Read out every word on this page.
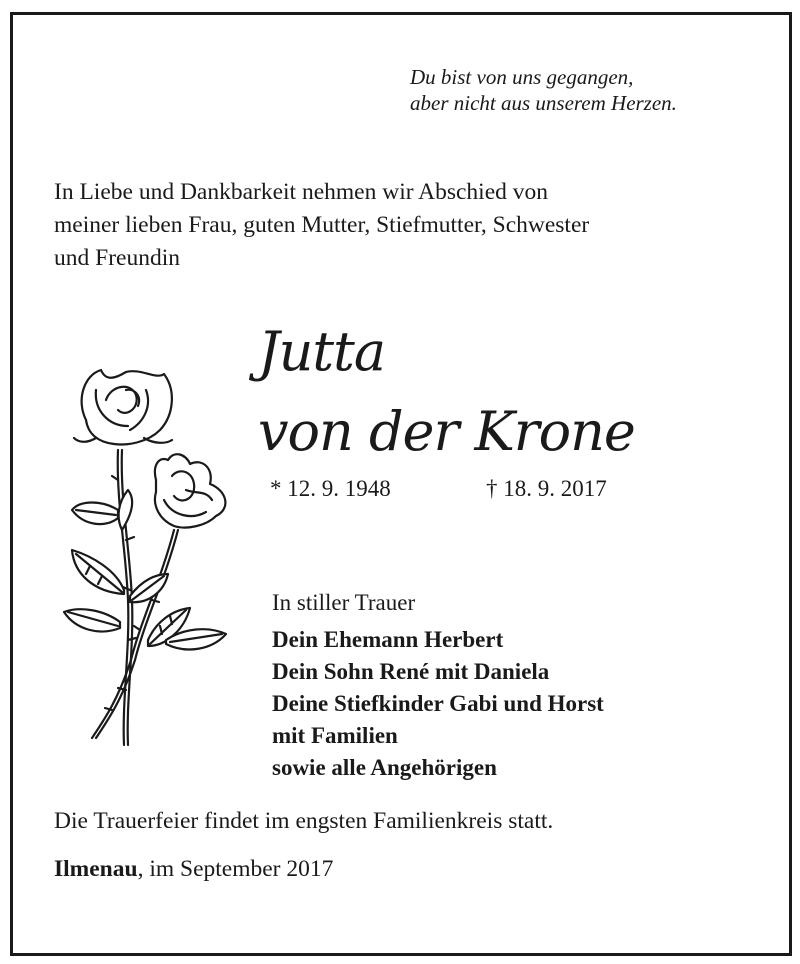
Du bist von uns gegangen,
aber nicht aus unserem Herzen.
In Liebe und Dankbarkeit nehmen wir Abschied von
meiner lieben Frau, guten Mutter, Stiefmutter, Schwester
und Freundin
Jutta
von der Krone
* 12. 9. 1948	† 18. 9. 2017
In stiller Trauer
Dein Ehemann Herbert
Dein Sohn René mit Daniela
Deine Stiefkinder Gabi und Horst
mit Familien
sowie alle Angehörigen
Die Trauerfeier findet im engsten Familienkreis statt.
Ilmenau, im September 2017
